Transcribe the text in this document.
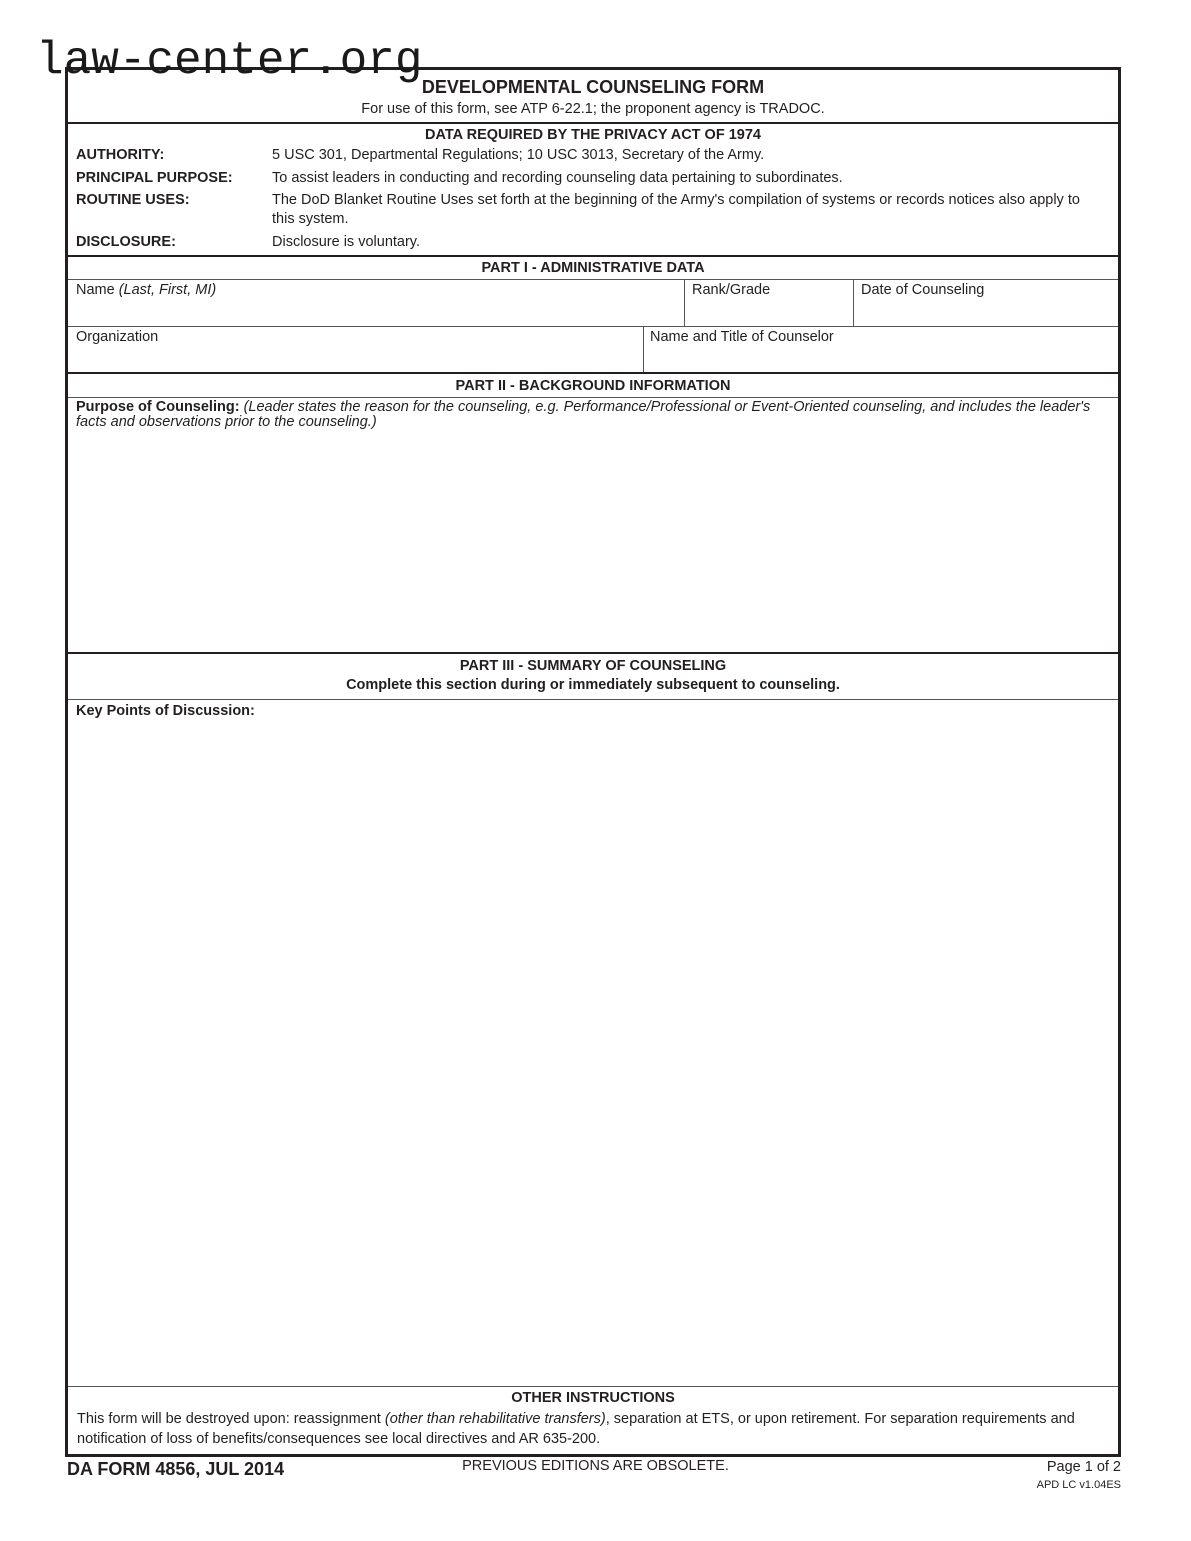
law-center.org DEVELOPMENTAL COUNSELING FORM
For use of this form, see ATP 6-22.1; the proponent agency is TRADOC.
DATA REQUIRED BY THE PRIVACY ACT OF 1974
AUTHORITY:	5 USC 301, Departmental Regulations; 10 USC 3013, Secretary of the Army.
PRINCIPAL PURPOSE:	To assist leaders in conducting and recording counseling data pertaining to subordinates.
ROUTINE USES:	The DoD Blanket Routine Uses set forth at the beginning of the Army's compilation of systems or records notices also apply to this system.
DISCLOSURE:	Disclosure is voluntary.
PART I - ADMINISTRATIVE DATA
Name (Last, First, MI)	Rank/Grade	Date of Counseling
Organization	Name and Title of Counselor
PART II - BACKGROUND INFORMATION
Purpose of Counseling: (Leader states the reason for the counseling, e.g. Performance/Professional or Event-Oriented counseling, and includes the leader's facts and observations prior to the counseling.)
PART III - SUMMARY OF COUNSELING
Complete this section during or immediately subsequent to counseling.
Key Points of Discussion:
OTHER INSTRUCTIONS
This form will be destroyed upon: reassignment (other than rehabilitative transfers), separation at ETS, or upon retirement. For separation requirements and notification of loss of benefits/consequences see local directives and AR 635-200.
DA FORM 4856, JUL 2014	PREVIOUS EDITIONS ARE OBSOLETE.	Page 1 of 2
APD LC v1.04ES
